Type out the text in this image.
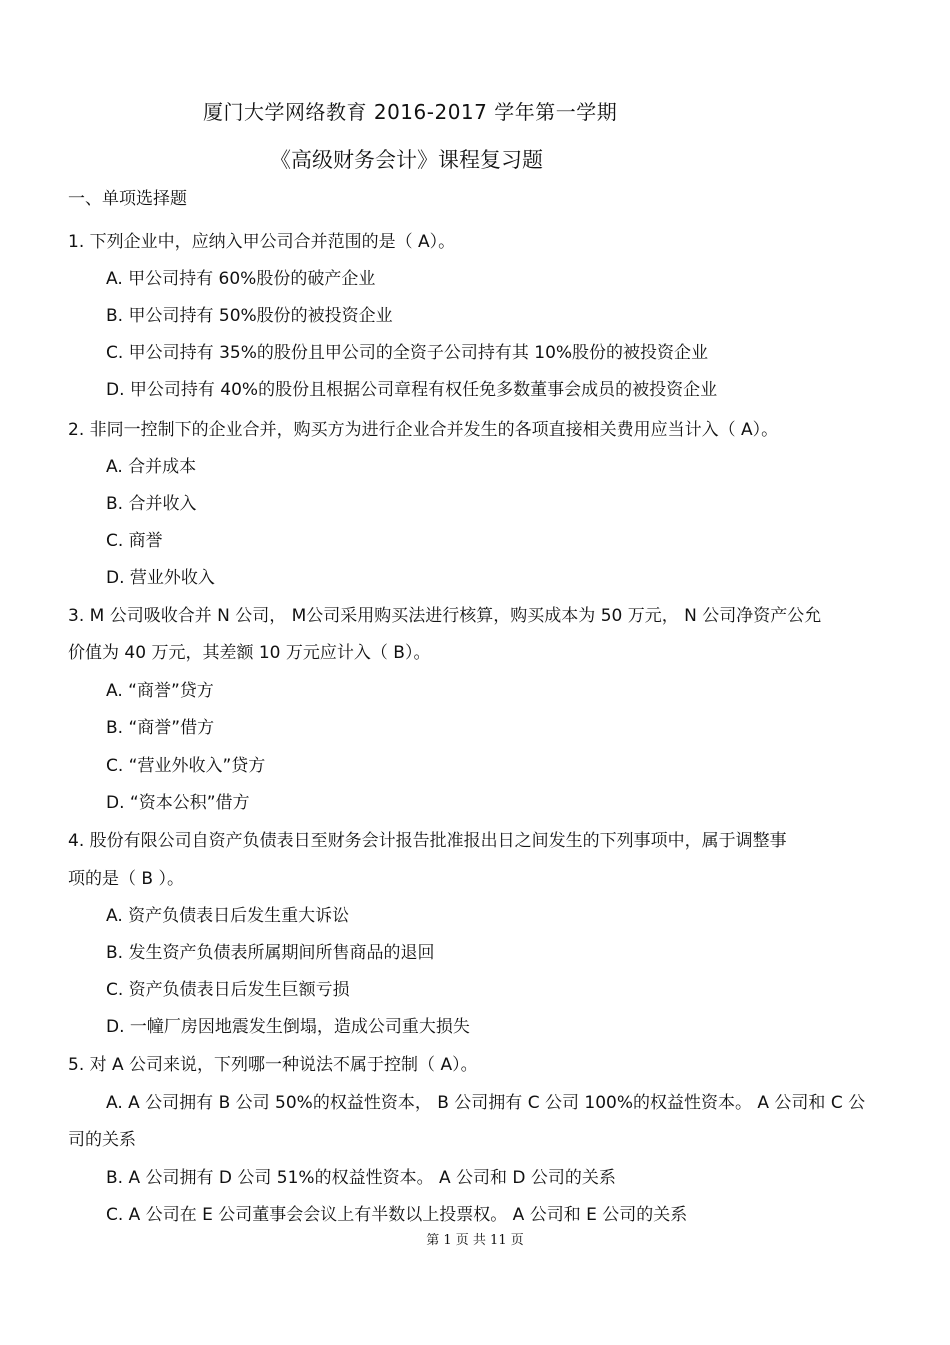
厦门大学网络教育 2016-2017 学年第一学期
《高级财务会计》课程复习题
一、单项选择题
1. 下列企业中，应纳入甲公司合并范围的是（ A）。
A. 甲公司持有 60%股份的破产企业
B. 甲公司持有 50%股份的被投资企业
C. 甲公司持有 35%的股份且甲公司的全资子公司持有其 10%股份的被投资企业
D. 甲公司持有 40%的股份且根据公司章程有权任免多数董事会成员的被投资企业
2. 非同一控制下的企业合并，购买方为进行企业合并发生的各项直接相关费用应当计入（ A）。
A. 合并成本
B. 合并收入
C. 商誉
D. 营业外收入
3. M 公司吸收合并 N 公司， M公司采用购买法进行核算，购买成本为 50 万元， N 公司净资产公允
价值为 40 万元，其差额 10 万元应计入（ B）。
A. “商誉”贷方
B. “商誉”借方
C. “营业外收入”贷方
D. “资本公积”借方
4. 股份有限公司自资产负债表日至财务会计报告批准报出日之间发生的下列事项中，属于调整事
项的是（ B ）。
A. 资产负债表日后发生重大诉讼
B. 发生资产负债表所属期间所售商品的退回
C. 资产负债表日后发生巨额亏损
D. 一幢厂房因地震发生倒塌，造成公司重大损失
5. 对 A 公司来说，下列哪一种说法不属于控制（ A）。
A. A 公司拥有 B 公司 50%的权益性资本， B 公司拥有 C 公司 100%的权益性资本。 A 公司和 C 公
司的关系
B. A 公司拥有 D 公司 51%的权益性资本。 A 公司和 D 公司的关系
C. A 公司在 E 公司董事会会议上有半数以上投票权。 A 公司和 E 公司的关系
第 1 页 共 11 页
